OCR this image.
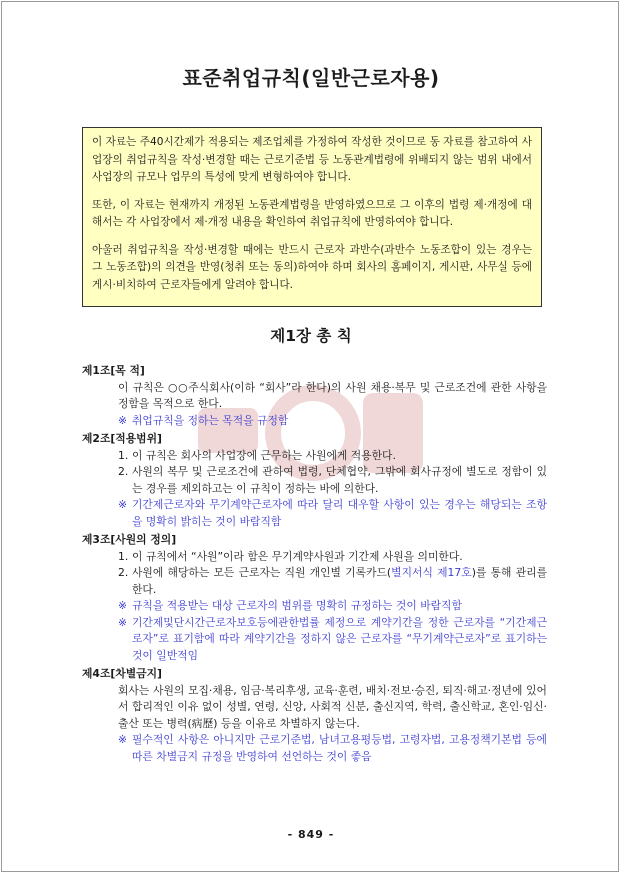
표준취업규칙(일반근로자용)

이 자료는 주40시간제가 적용되는 제조업체를 가정하여 작성한 것이므로 동 자료를 참고하여 사업장의 취업규칙을 작성·변경할 때는 근로기준법 등 노동관계법령에 위배되지 않는 범위 내에서 사업장의 규모나 업무의 특성에 맞게 변형하여야 합니다.

또한, 이 자료는 현재까지 개정된 노동관계법령을 반영하였으므로 그 이후의 법령 제·개정에 대해서는 각 사업장에서 제·개정 내용을 확인하여 취업규칙에 반영하여야 합니다.

아울러 취업규칙을 작성·변경할 때에는 반드시 근로자 과반수(과반수 노동조합이 있는 경우는 그 노동조합)의 의견을 반영(청취 또는 동의)하여야 하며 회사의 홈페이지, 게시판, 사무실 등에 게시·비치하여 근로자들에게 알려야 합니다.

제1장 총 칙
제1조[목 적]
이 규칙은 ○○주식회사(이하 “회사”라 한다)의 사원 채용·복무 및 근로조건에 관한 사항을 정함을 목적으로 한다.
※ 취업규칙을 정하는 목적을 규정함
제2조[적용범위]
1. 이 규칙은 회사의 사업장에 근무하는 사원에게 적용한다.
2. 사원의 복무 및 근로조건에 관하여 법령, 단체협약, 그밖에 회사규정에 별도로 정함이 있는 경우를 제외하고는 이 규칙이 정하는 바에 의한다.
※ 기간제근로자와 무기계약근로자에 따라 달리 대우할 사항이 있는 경우는 해당되는 조항을 명확히 밝히는 것이 바람직함
제3조[사원의 정의]
1. 이 규칙에서 “사원”이라 함은 무기계약사원과 기간제 사원을 의미한다.
2. 사원에 해당하는 모든 근로자는 직원 개인별 기록카드(별지서식 제17호)를 통해 관리를 한다.
※ 규칙을 적용받는 대상 근로자의 범위를 명확히 규정하는 것이 바람직함
※ 기간제및단시간근로자보호등에관한법률 제정으로 계약기간을 정한 근로자를 “기간제근로자”로 표기함에 따라 계약기간을 정하지 않은 근로자를 “무기계약근로자”로 표기하는 것이 일반적임
제4조[차별금지]
회사는 사원의 모집·채용, 임금·복리후생, 교육·훈련, 배치·전보·승진, 퇴직·해고·정년에 있어서 합리적인 이유 없이 성별, 연령, 신앙, 사회적 신분, 출신지역, 학력, 출신학교, 혼인·임신·출산 또는 병력(病歷) 등을 이유로 차별하지 않는다.
※ 필수적인 사항은 아니지만 근로기준법, 남녀고용평등법, 고령자법, 고용정책기본법 등에 따른 차별금지 규정을 반영하여 선언하는 것이 좋음
- 849 -
